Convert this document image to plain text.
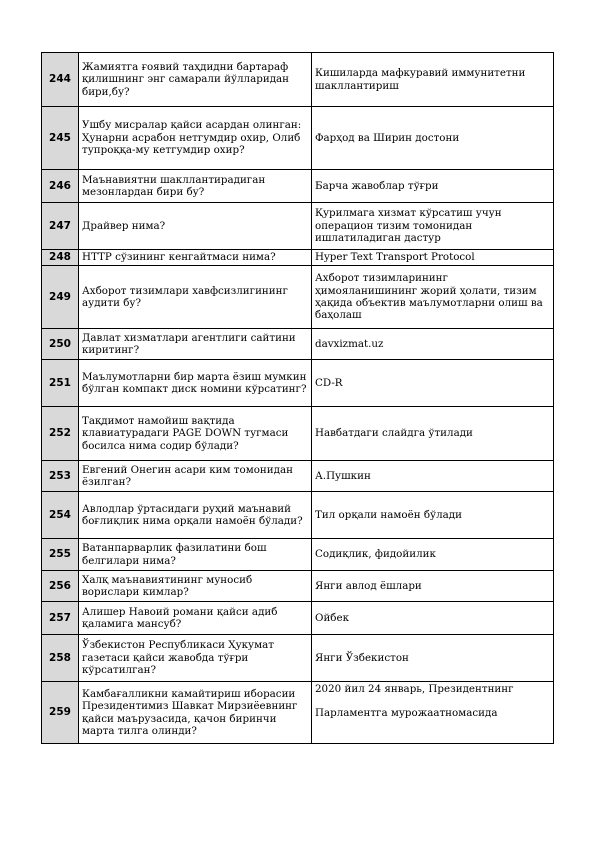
244	Жамиятга ғоявий таҳдидни бартараф қилишнинг энг самарали йўлларидан бири,бу?	Кишиларда мафкуравий иммунитетни шакллантириш
245	Ушбу мисралар қайси асардан олинган: Ҳунарни асрабон нетгумдир охир, Олиб тупроққа-му кетгумдир охир?	Фарҳод ва Ширин достони
246	Маънавиятни шакллантирадиган мезонлардан бири бу?	Барча жавоблар тўғри
247	Драйвер нима?	Қурилмага хизмат кўрсатиш учун операцион тизим томонидан ишлатиладиган дастур
248	HTTP сўзининг кенгайтмаси нима?	Hyper Text Transport Protocol
249	Ахборот тизимлари хавфсизлигининг аудити бу?	Ахборот тизимларининг ҳимояланишининг жорий ҳолати, тизим ҳақида объектив маълумотларни олиш ва баҳолаш
250	Давлат хизматлари агентлиги сайтини киритинг?	davxizmat.uz
251	Маълумотларни бир марта ёзиш мумкин бўлган компакт диск номини кўрсатинг?	CD-R
252	Тақдимот намойиш вақтида клавиатурадаги PAGE DOWN тугмаси босилса нима содир бўлади?	Навбатдаги слайдга ўтилади
253	Евгений Онегин асари ким томонидан ёзилган?	А.Пушкин
254	Авлодлар ўртасидаги руҳий маънавий боғлиқлик нима орқали намоён бўлади?	Тил орқали намоён бўлади
255	Ватанпарварлик фазилатини бош белгилари нима?	Содиқлик, фидойилик
256	Халқ маънавиятининг муносиб ворислари кимлар?	Янги авлод ёшлари
257	Алишер Навоий романи қайси адиб қаламига мансуб?	Ойбек
258	Ўзбекистон Республикаси Ҳукумат газетаси қайси жавобда тўғри кўрсатилган?	Янги Ўзбекистон
259	Камбағалликни камайтириш иборасии Президентимиз Шавкат Мирзиёевнинг қайси маърузасида, қачон биринчи марта тилга олинди?	2020 йил 24 январь, Президентнинг
Парламентга мурожаатномасида
